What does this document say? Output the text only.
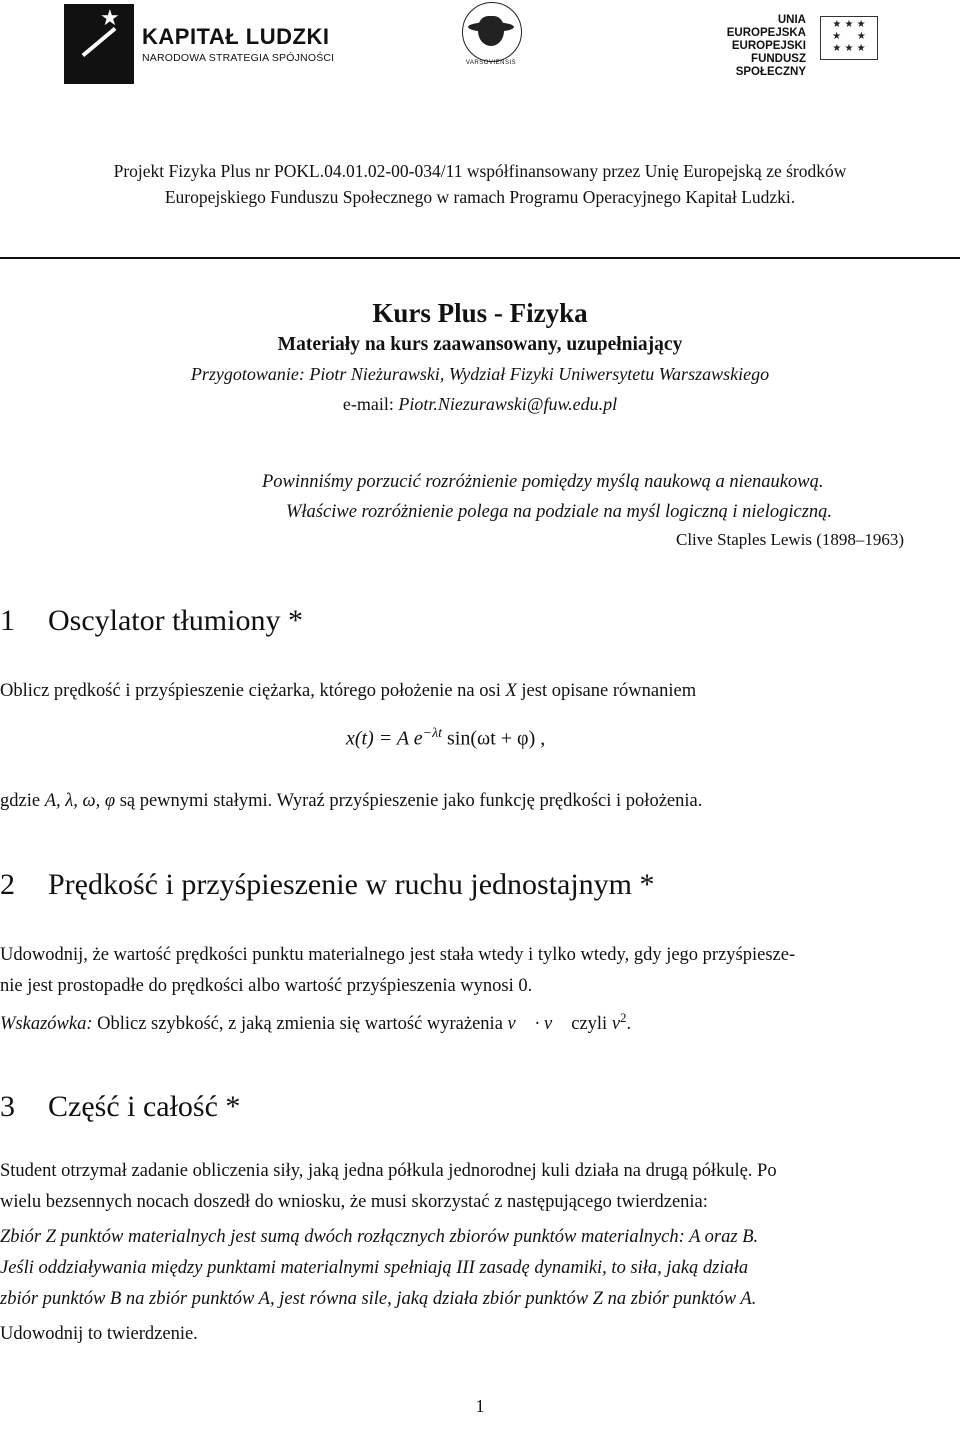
★
KAPITAŁ LUDZKI
NARODOWA STRATEGIA SPÓJNOŚCI	VARSOVIENSIS
UNIA EUROPEJSKA
EUROPEJSKI
FUNDUSZ SPOŁECZNY
★ ★ ★
★     ★
★ ★ ★
Projekt Fizyka Plus nr POKL.04.01.02-00-034/11 współfinansowany przez Unię Europejską ze środków
Europejskiego Funduszu Społecznego w ramach Programu Operacyjnego Kapitał Ludzki.
Kurs Plus - Fizyka
Materiały na kurs zaawansowany, uzupełniający
Przygotowanie: Piotr Nieżurawski, Wydział Fizyki Uniwersytetu Warszawskiego
e-mail: Piotr.Niezurawski@fuw.edu.pl
Powinniśmy porzucić rozróżnienie pomiędzy myślą naukową a nienaukową.
Właściwe rozróżnienie polega na podziale na myśl logiczną i nielogiczną.
Clive Staples Lewis (1898–1963)
1 Oscylator tłumiony *
Oblicz prędkość i przyśpieszenie ciężarka, którego położenie na osi X jest opisane równaniem
x(t) = A $e^{-\lambda t}$ sin(ωt + φ) ,
gdzie A, λ, ω, φ są pewnymi stałymi. Wyraź przyśpieszenie jako funkcję prędkości i położenia.
2 Prędkość i przyśpieszenie w ruchu jednostajnym *
Udowodnij, że wartość prędkości punktu materialnego jest stała wtedy i tylko wtedy, gdy jego przyśpiesze-
nie jest prostopadłe do prędkości albo wartość przyśpieszenia wynosi 0.
Wskazówka: Oblicz szybkość, z jaką zmienia się wartość wyrażenia v⃗ · v⃗ czyli $v^2$.
3 Część i całość *
Student otrzymał zadanie obliczenia siły, jaką jedna półkula jednorodnej kuli działa na drugą półkulę. Po
wielu bezsennych nocach doszedł do wniosku, że musi skorzystać z następującego twierdzenia:
Zbiór Z punktów materialnych jest sumą dwóch rozłącznych zbiorów punktów materialnych: A oraz B.
Jeśli oddziaływania między punktami materialnymi spełniają III zasadę dynamiki, to siła, jaką działa
zbiór punktów B na zbiór punktów A, jest równa sile, jaką działa zbiór punktów Z na zbiór punktów A.
Udowodnij to twierdzenie.
1
